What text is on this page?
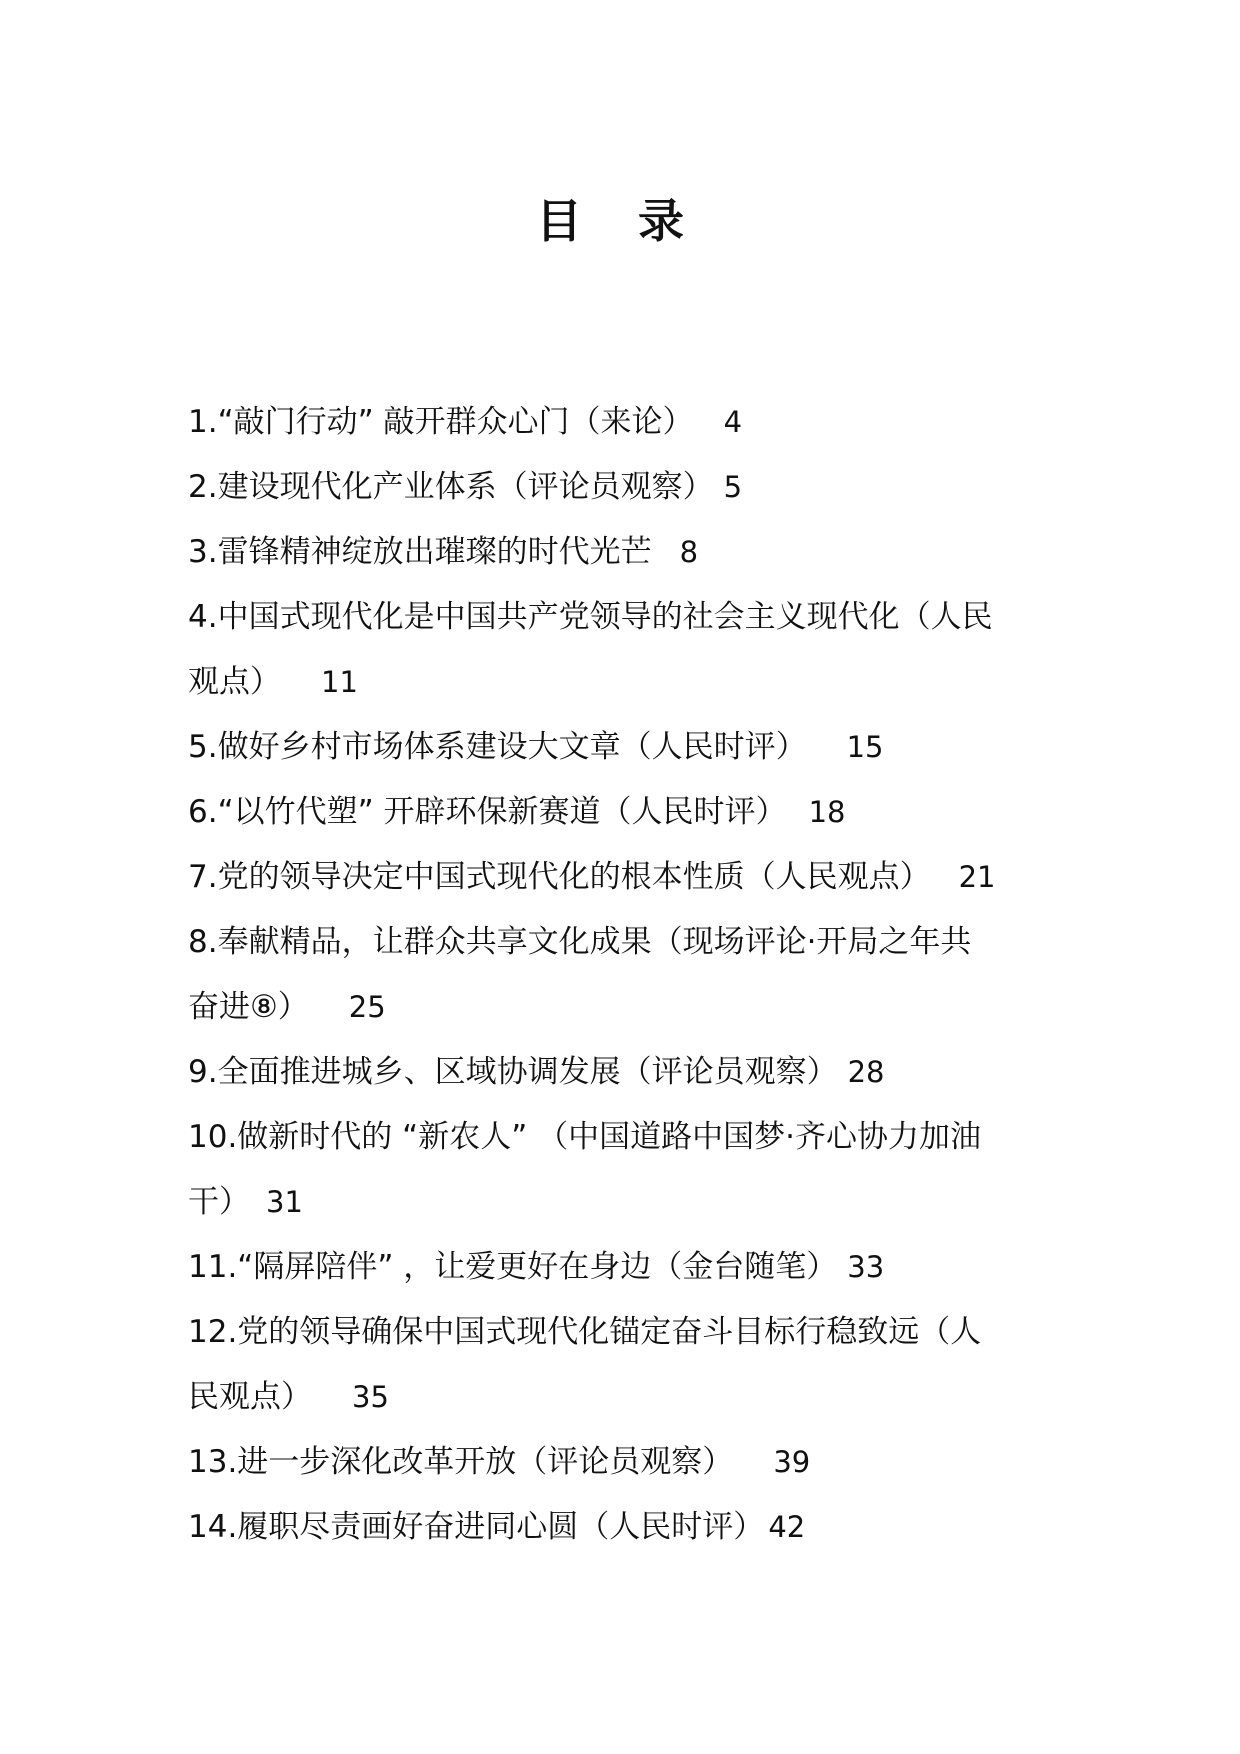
目 录
1.“敲门行动” 敲开群众心门（来论） 4
2.建设现代化产业体系（评论员观察） 5
3.雷锋精神绽放出璀璨的时代光芒 8
4.中国式现代化是中国共产党领导的社会主义现代化（人民
观点） 11
5.做好乡村市场体系建设大文章（人民时评） 15
6.“以竹代塑” 开辟环保新赛道（人民时评） 18
7.党的领导决定中国式现代化的根本性质（人民观点） 21
8.奉献精品，让群众共享文化成果（现场评论·开局之年共
奋进⑧） 25
9.全面推进城乡、区域协调发展（评论员观察） 28
10.做新时代的 “新农人” （中国道路中国梦·齐心协力加油
干） 31
11.“隔屏陪伴” ，让爱更好在身边（金台随笔） 33
12.党的领导确保中国式现代化锚定奋斗目标行稳致远（人
民观点） 35
13.进一步深化改革开放（评论员观察） 39
14.履职尽责画好奋进同心圆（人民时评） 42
